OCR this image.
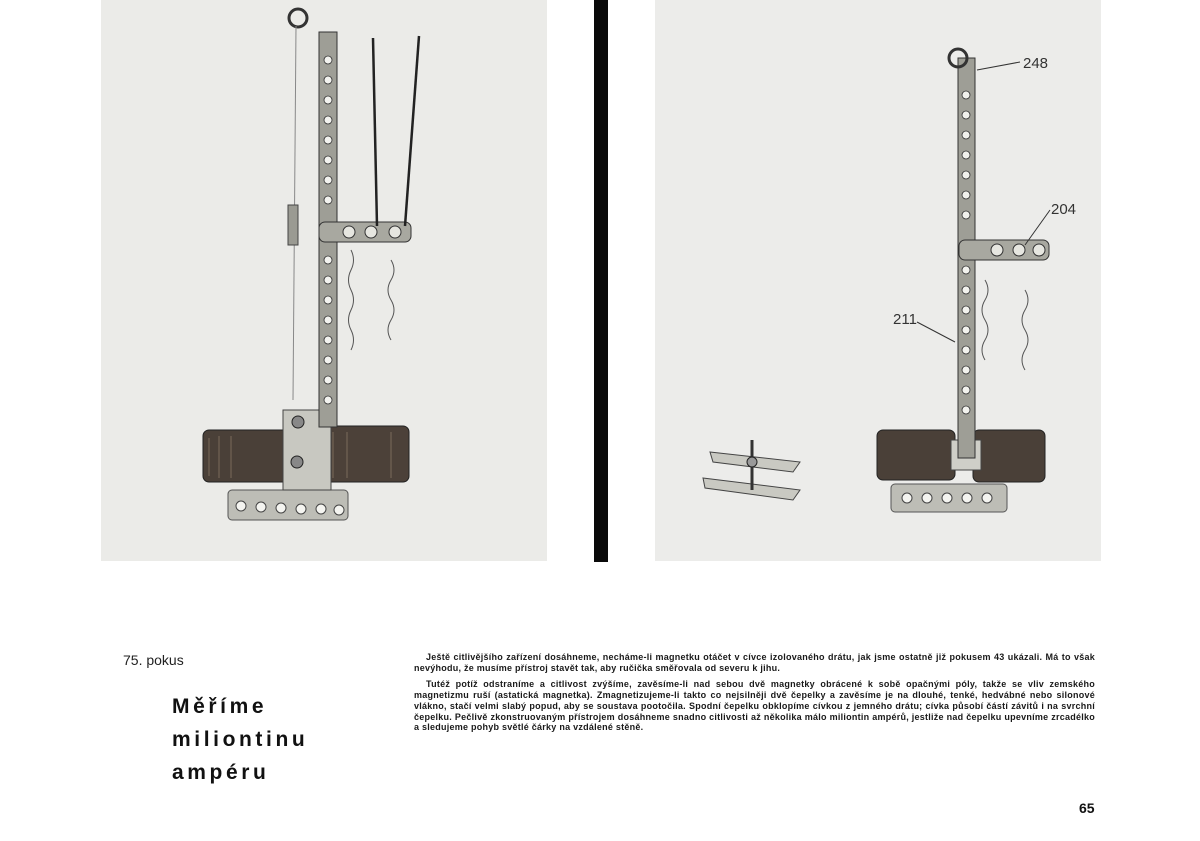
248
204
211
75. pokus
Měříme
miliontinu
ampéru

Ještě citlivějšího zařízení dosáhneme, necháme-li magnetku otáčet v cívce izolovaného drátu, jak jsme ostatně již pokusem 43 ukázali. Má to však nevýhodu, že musíme přístroj stavět tak, aby ručička směřovala od severu k jihu.

Tutéž potíž odstraníme a citlivost zvýšíme, zavěsíme-li nad sebou dvě magnetky obrácené k sobě opačnými póly, takže se vliv zemského magnetizmu ruší (astatická magnetka). Zmagnetizujeme-li takto co nejsilněji dvě čepelky a zavěsíme je na dlouhé, tenké, hedvábné nebo silonové vlákno, stačí velmi slabý popud, aby se soustava pootočila. Spodní čepelku obklopíme cívkou z jemného drátu; cívka působí částí závitů i na svrchní čepelku. Pečlivě zkonstruovaným přístrojem dosáhneme snadno citlivosti až několika málo miliontin ampérů, jestliže nad čepelku upevníme zrcadélko a sledujeme pohyb světlé čárky na vzdálené stěně.

65
